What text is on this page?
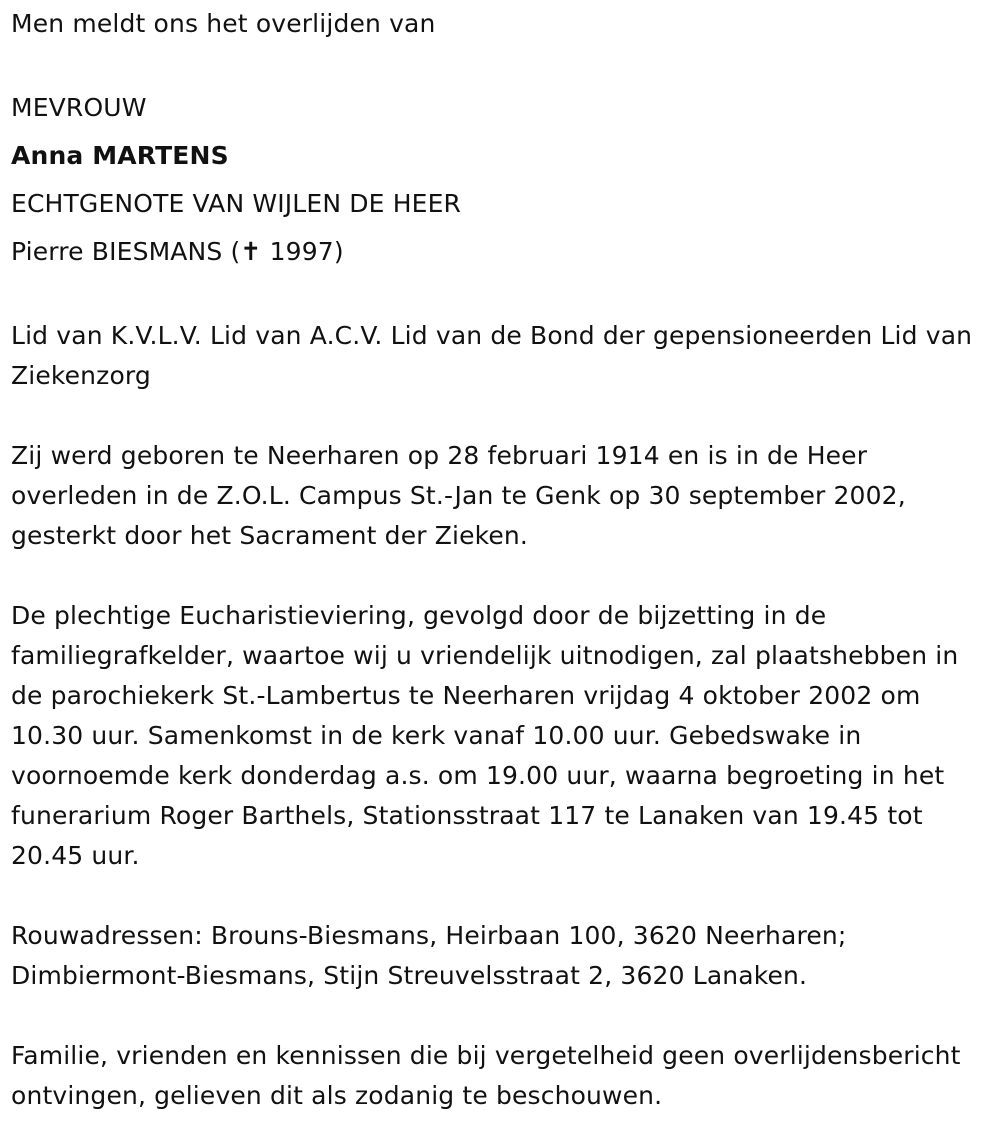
Men meldt ons het overlijden van

MEVROUW

Anna MARTENS

ECHTGENOTE VAN WIJLEN DE HEER

Pierre BIESMANS (✝ 1997)

Lid van K.V.L.V. Lid van A.C.V. Lid van de Bond der gepensioneerden Lid van Ziekenzorg

Zij werd geboren te Neerharen op 28 februari 1914 en is in de Heer overleden in de Z.O.L. Campus St.-Jan te Genk op 30 september 2002, gesterkt door het Sacrament der Zieken.

De plechtige Eucharistieviering, gevolgd door de bijzetting in de familiegrafkelder, waartoe wij u vriendelijk uitnodigen, zal plaatshebben in de parochiekerk St.-Lambertus te Neerharen vrijdag 4 oktober 2002 om 10.30 uur. Samenkomst in de kerk vanaf 10.00 uur. Gebedswake in voornoemde kerk donderdag a.s. om 19.00 uur, waarna begroeting in het funerarium Roger Barthels, Stationsstraat 117 te Lanaken van 19.45 tot 20.45 uur.

Rouwadressen: Brouns-Biesmans, Heirbaan 100, 3620 Neerharen; Dimbiermont-Biesmans, Stijn Streuvelsstraat 2, 3620 Lanaken.

Familie, vrienden en kennissen die bij vergetelheid geen overlijdensbericht ontvingen, gelieven dit als zodanig te beschouwen.
